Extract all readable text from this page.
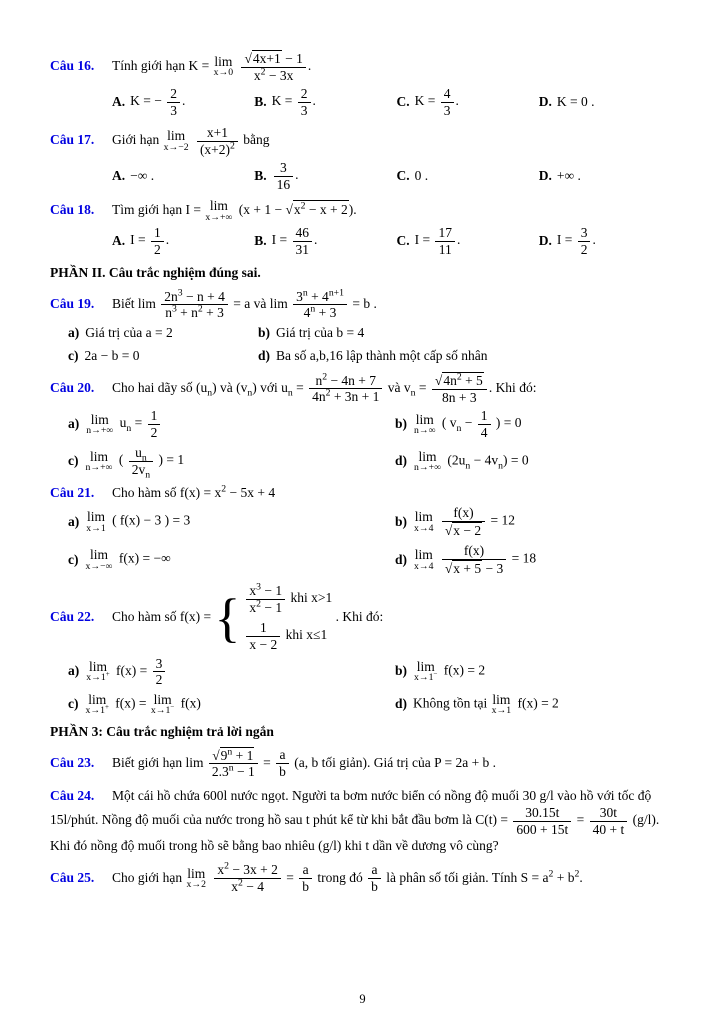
Câu 16. Tính giới hạn K = lim
x→0
$\frac{√4x+1 - 1}{x^2 - 3x}$ .
A. K = − $\frac{2}{3}$ .	B. $K = \frac{2}{3}$ .	C. $K = \frac{4}{3}$ .	D. K = 0 .
Câu 17. Giới hạn lim
x→−2
$\frac{x+1}{(x+2)^2}$ bằng
A. −∞ .	B. $\frac{3}{16}$ .	C. 0 .	D. +∞ .
Câu 18. Tìm giới hạn I = lim
x→+∞
$(x + 1 - √x^2 - x + 2)$.
A. $I = \frac{1}{2}$ .	B. $I = \frac{46}{31}$ .	C. $I = \frac{17}{11}$ .	D. $I = \frac{3}{2}$ .
PHẦN II. Câu trắc nghiệm đúng sai.
Câu 19. Biết $\lim \frac{2n^3 - n + 4}{n^3 + n^2 + 3} = a$ và $\lim \frac{3^n + 4^{n+1}}{4^n + 3} = b$ .
a) Giá trị của a = 2	b) Giá trị của b = 4
c) 2a − b = 0	d) Ba số a,b,16 lập thành một cấp số nhân
Câu 20. Cho hai dãy số $(u_n)$ và $(v_n)$ với $u_n = \frac{n^2 - 4n + 7}{4n^2 + 3n + 1}$ và $v_n = \frac{√4n^2 + 5}{8n + 3}$ . Khi đó:
a) lim
n→+∞
$u_n = \frac{1}{2}$	b) lim
n→∞
( $v_n - \frac{1}{4}$ ) = 0
c) lim
n→+∞
( $\frac{u_n}{2v_n}$ ) = 1	d) lim
n→+∞
$(2u_n - 4v_n) = 0$
Câu 21. Cho hàm số $f(x) = x^2 - 5x + 4$
a) lim
x→1
( f(x) − 3 ) = 3	b) lim
x→4
$\frac{f(x)}{√x - 2} = 12$
c) lim
x→−∞
f(x) = −∞	d) lim
x→4
$\frac{f(x)}{√x + 5 - 3} = 18$
Câu 22. Cho hàm số f(x) = { $\frac{x^3 - 1}{x^2 - 1}$ khi x>1
$\frac{1}{x - 2}$ khi x≤1
. Khi đó:
a) lim
x→1+ $f(x) = \frac{3}{2}$	b) lim
x→1− f(x) = 2
c) lim
x→1+ f(x) = lim
x→1− f(x)	d) Không tồn tại lim
x→1
f(x) = 2
PHẦN 3: Câu trắc nghiệm trả lời ngắn
Câu 23. Biết giới hạn $\lim \frac{√9^n + 1}{2.3^n - 1} = \frac{a}{b} (a$, b tối giản). Giá trị của P = 2a + b .
Câu 24. Một cái hồ chứa 600l nước ngọt. Người ta bơm nước biển có nồng độ muối 30 g/l vào hồ với tốc độ 15l/phút. Nồng độ muối của nước trong hồ sau t phút kể từ khi bắt đầu bơm là $C(t) = \frac{30.15t}{600 + 15t} = \frac{30t}{40 + t} (g/l)$. Khi đó nồng độ muối trong hồ sẽ bằng bao nhiêu (g/l) khi t dần về dương vô cùng?
Câu 25. Cho giới hạn lim
x→2
$\frac{x^2 - 3x + 2}{x^2 - 4} = \frac{a}{b}$ trong đó $\frac{a}{b}$ là phân số tối giản. Tính $S = a^2 + b^2$.
9
